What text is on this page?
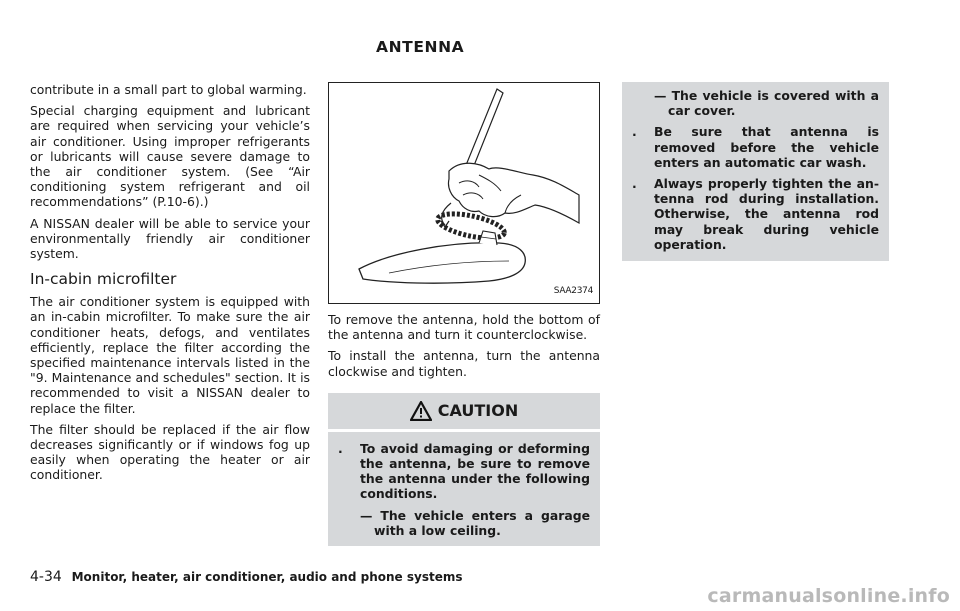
ANTENNA

contribute in a small part to global warming.

Special charging equipment and lubricant are required when servicing your vehicle’s air conditioner. Using improper refrigerants or lubricants will cause severe damage to the air conditioner system. (See “Air conditioning system refrigerant and oil recommendations” (P.10-6).)

A NISSAN dealer will be able to service your environmentally friendly air conditioner system.

In-cabin microfilter

The air conditioner system is equipped with an in-cabin microfilter. To make sure the air conditioner heats, defogs, and ventilates efficiently, replace the filter according the specified maintenance intervals listed in the "9. Maintenance and schedules" section. It is recommended to visit a NISSAN dealer to replace the filter.

The filter should be replaced if the air flow decreases significantly or if windows fog up easily when operating the heater or air conditioner.

SAA2374

To remove the antenna, hold the bottom of the antenna and turn it counterclockwise.

To install the antenna, turn the antenna clockwise and tighten.

CAUTION
.	To avoid damaging or deforming the antenna, be sure to remove the antenna under the following conditions.
— The vehicle enters a garage with a low ceiling.
— The vehicle is covered with a car cover.
.	Be sure that antenna is removed before the vehicle enters an automatic car wash.
.	Always properly tighten the antenna rod during installation. Otherwise, the antenna rod may break during vehicle operation.
4-34 Monitor, heater, air conditioner, audio and phone systems
carmanualsonline.info
